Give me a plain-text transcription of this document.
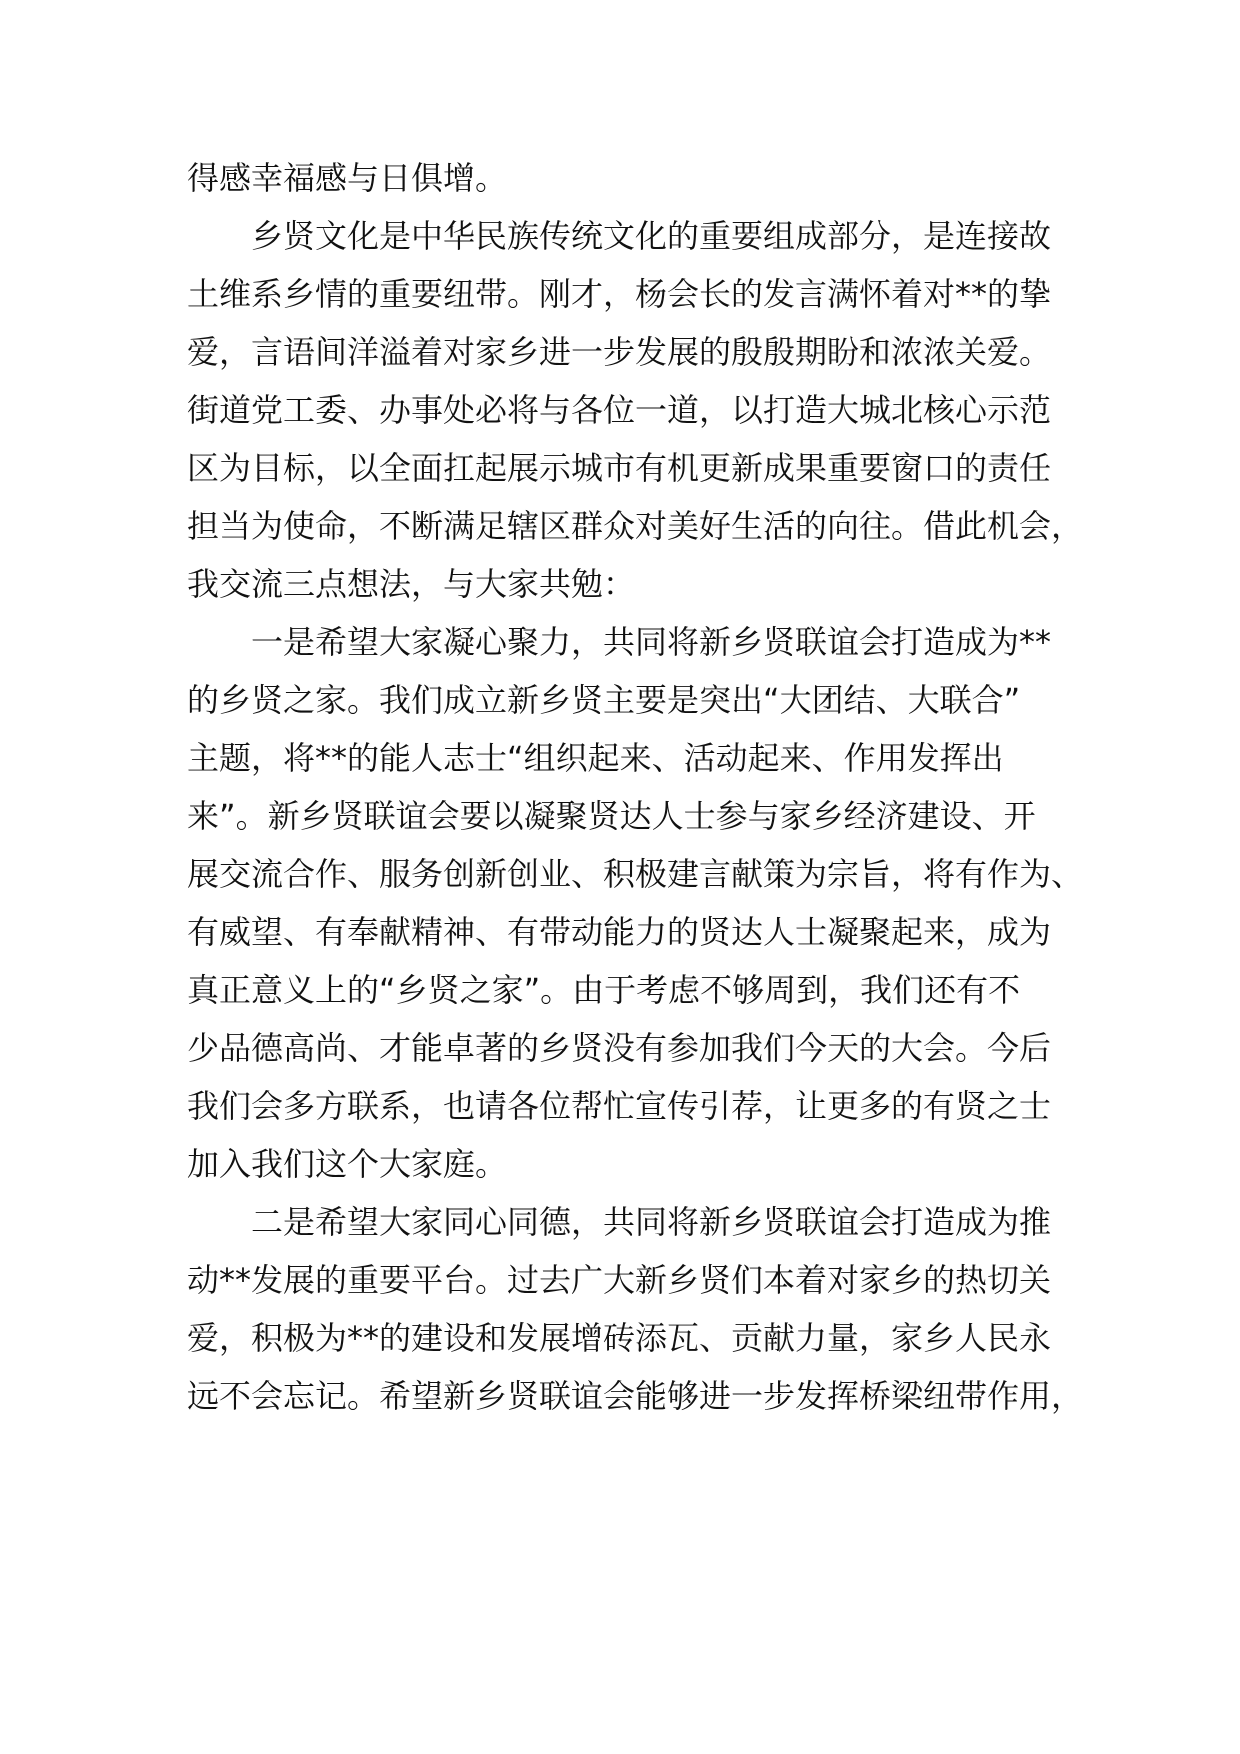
得感幸福感与日俱增。
乡贤文化是中华民族传统文化的重要组成部分，是连接故
土维系乡情的重要纽带。刚才，杨会长的发言满怀着对**的挚
爱，言语间洋溢着对家乡进一步发展的殷殷期盼和浓浓关爱。
街道党工委、办事处必将与各位一道，以打造大城北核心示范
区为目标，以全面扛起展示城市有机更新成果重要窗口的责任
担当为使命，不断满足辖区群众对美好生活的向往。借此机会，
我交流三点想法，与大家共勉：
一是希望大家凝心聚力，共同将新乡贤联谊会打造成为**
的乡贤之家。我们成立新乡贤主要是突出“大团结、大联合”
主题，将**的能人志士“组织起来、活动起来、作用发挥出
来”。新乡贤联谊会要以凝聚贤达人士参与家乡经济建设、开
展交流合作、服务创新创业、积极建言献策为宗旨，将有作为、
有威望、有奉献精神、有带动能力的贤达人士凝聚起来，成为
真正意义上的“乡贤之家”。由于考虑不够周到，我们还有不
少品德高尚、才能卓著的乡贤没有参加我们今天的大会。今后
我们会多方联系，也请各位帮忙宣传引荐，让更多的有贤之士
加入我们这个大家庭。
二是希望大家同心同德，共同将新乡贤联谊会打造成为推
动**发展的重要平台。过去广大新乡贤们本着对家乡的热切关
爱，积极为**的建设和发展增砖添瓦、贡献力量，家乡人民永
远不会忘记。希望新乡贤联谊会能够进一步发挥桥梁纽带作用，
